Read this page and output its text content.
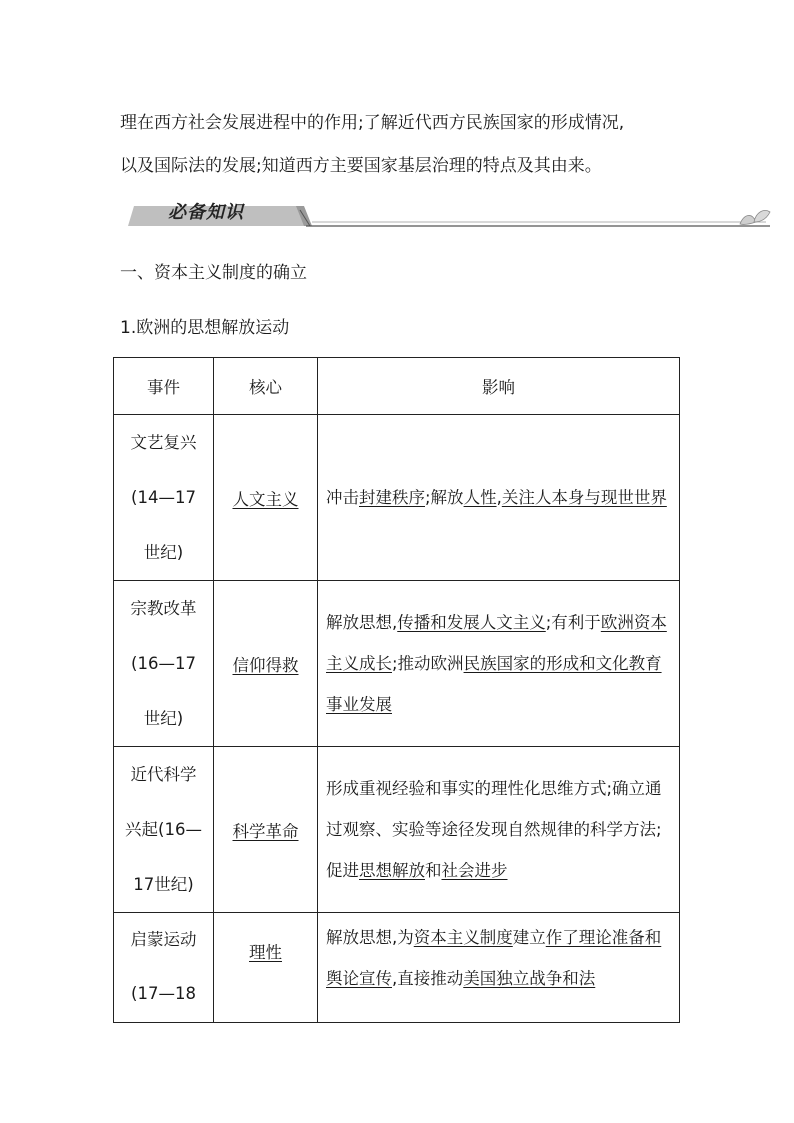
理在西方社会发展进程中的作用;了解近代西方民族国家的形成情况,

以及国际法的发展;知道西方主要国家基层治理的特点及其由来。

必备知识
一、资本主义制度的确立
1.欧洲的思想解放运动
事件	核心	影响

文艺复兴
(14—17
世纪)	人文主义	冲击封建秩序;解放人性,关注人本身与现世世界

宗教改革
(16—17
世纪)	信仰得救	解放思想,传播和发展人文主义;有利于欧洲资本主义成长;推动欧洲民族国家的形成和文化教育事业发展

近代科学
兴起(16—
17世纪)	科学革命	形成重视经验和事实的理性化思维方式;确立通过观察、实验等途径发现自然规律的科学方法;促进思想解放和社会进步

启蒙运动
(17—18	理性	解放思想,为资本主义制度建立作了理论准备和舆论宣传,直接推动美国独立战争和法
